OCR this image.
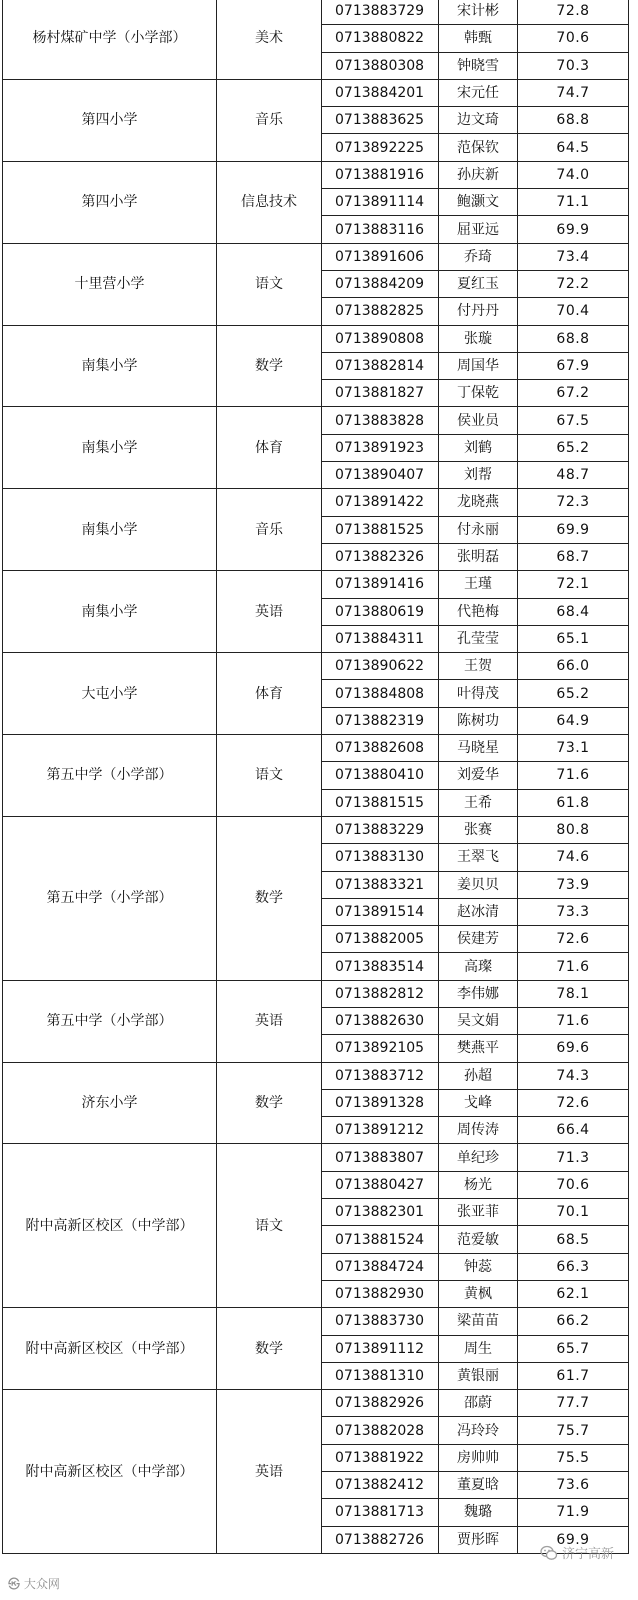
杨村煤矿中学（小学部）	美术	0713883729	宋计彬	72.8
		0713880822	韩甄	70.6
		0713880308	钟晓雪	70.3
第四小学	音乐	0713884201	宋元任	74.7
		0713883625	边文琦	68.8
		0713892225	范保钦	64.5
第四小学	信息技术	0713881916	孙庆新	74.0
		0713891114	鲍灏文	71.1
		0713883116	屈亚远	69.9
十里营小学	语文	0713891606	乔琦	73.4
		0713884209	夏红玉	72.2
		0713882825	付丹丹	70.4
南集小学	数学	0713890808	张璇	68.8
		0713882814	周国华	67.9
		0713881827	丁保乾	67.2
南集小学	体育	0713883828	侯业员	67.5
		0713891923	刘鹤	65.2
		0713890407	刘帮	48.7
南集小学	音乐	0713891422	龙晓燕	72.3
		0713881525	付永丽	69.9
		0713882326	张明磊	68.7
南集小学	英语	0713891416	王瑾	72.1
		0713880619	代艳梅	68.4
		0713884311	孔莹莹	65.1
大屯小学	体育	0713890622	王贺	66.0
		0713884808	叶得茂	65.2
		0713882319	陈树功	64.9
第五中学（小学部）	语文	0713882608	马晓星	73.1
		0713880410	刘爱华	71.6
		0713881515	王希	61.8
第五中学（小学部）	数学	0713883229	张赛	80.8
		0713883130	王翠飞	74.6
		0713883321	姜贝贝	73.9
		0713891514	赵冰清	73.3
		0713882005	侯建芳	72.6
		0713883514	高璨	71.6
第五中学（小学部）	英语	0713882812	李伟娜	78.1
		0713882630	吴文娟	71.6
		0713892105	樊燕平	69.6
济东小学	数学	0713883712	孙超	74.3
		0713891328	戈峰	72.6
		0713891212	周传涛	66.4
附中高新区校区（中学部）	语文	0713883807	单纪珍	71.3
		0713880427	杨光	70.6
		0713882301	张亚菲	70.1
		0713881524	范爱敏	68.5
		0713884724	钟蕊	66.3
		0713882930	黄枫	62.1
附中高新区校区（中学部）	数学	0713883730	梁苗苗	66.2
		0713891112	周生	65.7
		0713881310	黄银丽	61.7
附中高新区校区（中学部）	英语	0713882926	邵蔚	77.7
		0713882028	冯玲玲	75.7
		0713881922	房帅帅	75.5
		0713882412	董夏晗	73.6
		0713881713	魏璐	71.9
		0713882726	贾彤晖	69.9
㉿ 大众网
济宁高新
